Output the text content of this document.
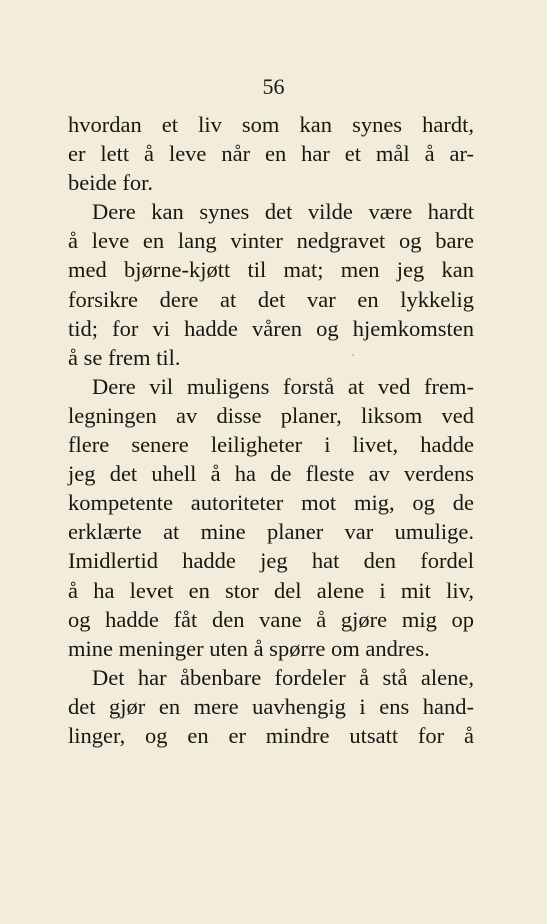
56
hvordan et liv som kan synes hardt,
er lett å leve når en har et mål å ar-
beide for.
Dere kan synes det vilde være hardt
å leve en lang vinter nedgravet og bare
med bjørne-kjøtt til mat; men jeg kan
forsikre dere at det var en lykkelig
tid; for vi hadde våren og hjemkomsten
å se frem til.
Dere vil muligens forstå at ved frem-
legningen av disse planer, liksom ved
flere senere leiligheter i livet, hadde
jeg det uhell å ha de fleste av verdens
kompetente autoriteter mot mig, og de
erklærte at mine planer var umulige.
Imidlertid hadde jeg hat den fordel
å ha levet en stor del alene i mit liv,
og hadde fåt den vane å gjøre mig op
mine meninger uten å spørre om andres.
Det har åbenbare fordeler å stå alene,
det gjør en mere uavhengig i ens hand-
linger, og en er mindre utsatt for å
